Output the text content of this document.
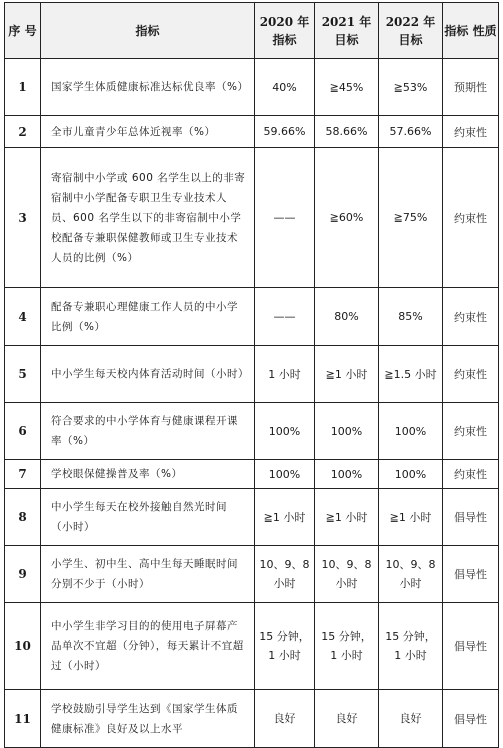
序 号	指标	2020 年 指标	2021 年 目标	2022 年 目标	指标 性质
1	国家学生体质健康标准达标优良率（%）	40%	≧45%	≧53%	预期性
2	全市儿童青少年总体近视率（%）	59.66%	58.66%	57.66%	约束性
3	寄宿制中小学或 600 名学生以上的非寄宿制中小学配备专职卫生专业技术人员、600 名学生以下的非寄宿制中小学校配备专兼职保健教师或卫生专业技术人员的比例（%）	——	≧60%	≧75%	约束性
4	配备专兼职心理健康工作人员的中小学比例（%）	——	80%	85%	约束性
5	中小学生每天校内体育活动时间（小时）	1 小时	≧1 小时	≧1.5 小时	约束性
6	符合要求的中小学体育与健康课程开课率（%）	100%	100%	100%	约束性
7	学校眼保健操普及率（%）	100%	100%	100%	约束性
8	中小学生每天在校外接触自然光时间（小时）	≧1 小时	≧1 小时	≧1 小时	倡导性
9	小学生、初中生、高中生每天睡眠时间分别不少于（小时）	10、9、8 小时	10、9、8 小时	10、9、8 小时	倡导性
10	中小学生非学习目的的使用电子屏幕产品单次不宜超（分钟），每天累计不宜超过（小时）	15 分钟，1 小时	15 分钟，1 小时	15 分钟，1 小时	倡导性
11	学校鼓励引导学生达到《国家学生体质健康标准》良好及以上水平	良好	良好	良好	倡导性
